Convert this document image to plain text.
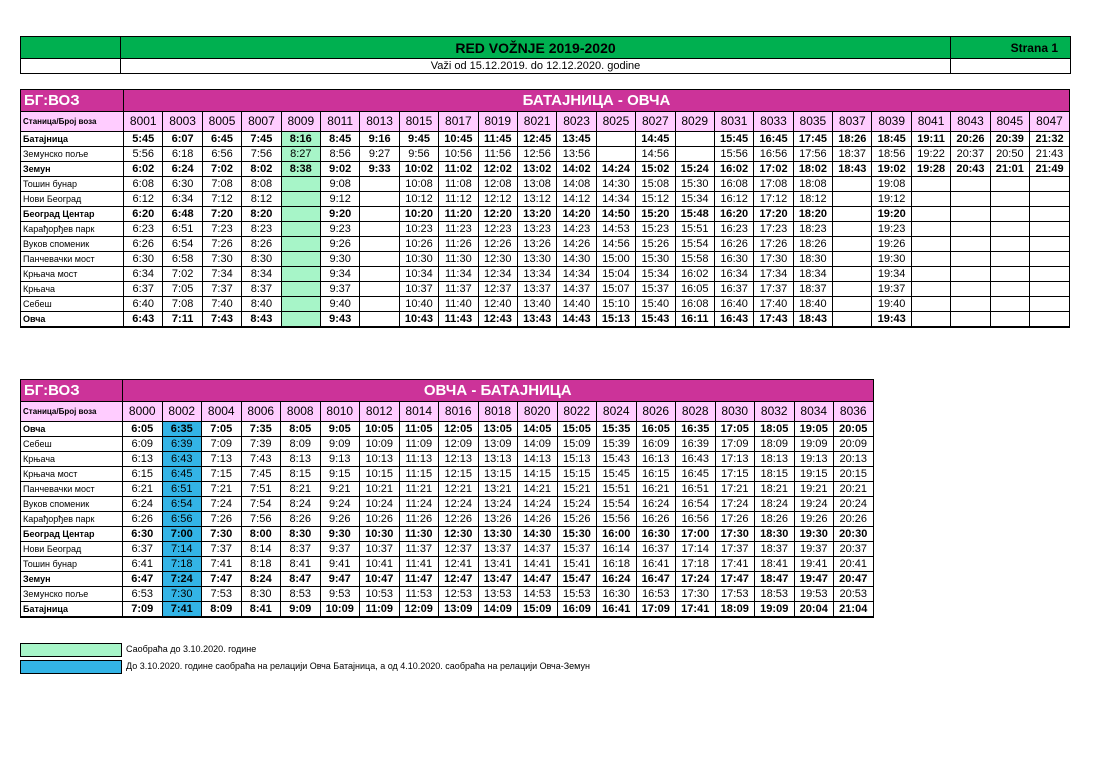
	RED VOŽNJE 2019-2020	Strana 1
	Važi od 15.12.2019. do 12.12.2020. godine	
БГ:ВОЗ	БАТАЈНИЦА - ОВЧА																							
Станица/Број воза	8001	8003	8005	8007	8009	8011	8013	8015	8017	8019	8021	8023	8025	8027	8029	8031	8033	8035	8037	8039	8041	8043	8045	8047
Батајница	5:45	6:07	6:45	7:45	8:16	8:45	9:16	9:45	10:45	11:45	12:45	13:45		14:45		15:45	16:45	17:45	18:26	18:45	19:11	20:26	20:39	21:32
Земунско поље	5:56	6:18	6:56	7:56	8:27	8:56	9:27	9:56	10:56	11:56	12:56	13:56		14:56		15:56	16:56	17:56	18:37	18:56	19:22	20:37	20:50	21:43
Земун	6:02	6:24	7:02	8:02	8:38	9:02	9:33	10:02	11:02	12:02	13:02	14:02	14:24	15:02	15:24	16:02	17:02	18:02	18:43	19:02	19:28	20:43	21:01	21:49
Тошин бунар	6:08	6:30	7:08	8:08		9:08		10:08	11:08	12:08	13:08	14:08	14:30	15:08	15:30	16:08	17:08	18:08		19:08				
Нови Београд	6:12	6:34	7:12	8:12		9:12		10:12	11:12	12:12	13:12	14:12	14:34	15:12	15:34	16:12	17:12	18:12		19:12				
Београд Центар	6:20	6:48	7:20	8:20		9:20		10:20	11:20	12:20	13:20	14:20	14:50	15:20	15:48	16:20	17:20	18:20		19:20				
Карађорђев парк	6:23	6:51	7:23	8:23		9:23		10:23	11:23	12:23	13:23	14:23	14:53	15:23	15:51	16:23	17:23	18:23		19:23				
Вуков споменик	6:26	6:54	7:26	8:26		9:26		10:26	11:26	12:26	13:26	14:26	14:56	15:26	15:54	16:26	17:26	18:26		19:26				
Панчевачки мост	6:30	6:58	7:30	8:30		9:30		10:30	11:30	12:30	13:30	14:30	15:00	15:30	15:58	16:30	17:30	18:30		19:30				
Крњача мост	6:34	7:02	7:34	8:34		9:34		10:34	11:34	12:34	13:34	14:34	15:04	15:34	16:02	16:34	17:34	18:34		19:34				
Крњача	6:37	7:05	7:37	8:37		9:37		10:37	11:37	12:37	13:37	14:37	15:07	15:37	16:05	16:37	17:37	18:37		19:37				
Себеш	6:40	7:08	7:40	8:40		9:40		10:40	11:40	12:40	13:40	14:40	15:10	15:40	16:08	16:40	17:40	18:40		19:40				
Овча	6:43	7:11	7:43	8:43		9:43		10:43	11:43	12:43	13:43	14:43	15:13	15:43	16:11	16:43	17:43	18:43		19:43				
БГ:ВОЗ	ОВЧА - БАТАЈНИЦА																		
Станица/Број воза	8000	8002	8004	8006	8008	8010	8012	8014	8016	8018	8020	8022	8024	8026	8028	8030	8032	8034	8036
Овча	6:05	6:35	7:05	7:35	8:05	9:05	10:05	11:05	12:05	13:05	14:05	15:05	15:35	16:05	16:35	17:05	18:05	19:05	20:05
Себеш	6:09	6:39	7:09	7:39	8:09	9:09	10:09	11:09	12:09	13:09	14:09	15:09	15:39	16:09	16:39	17:09	18:09	19:09	20:09
Крњача	6:13	6:43	7:13	7:43	8:13	9:13	10:13	11:13	12:13	13:13	14:13	15:13	15:43	16:13	16:43	17:13	18:13	19:13	20:13
Крњача мост	6:15	6:45	7:15	7:45	8:15	9:15	10:15	11:15	12:15	13:15	14:15	15:15	15:45	16:15	16:45	17:15	18:15	19:15	20:15
Панчевачки мост	6:21	6:51	7:21	7:51	8:21	9:21	10:21	11:21	12:21	13:21	14:21	15:21	15:51	16:21	16:51	17:21	18:21	19:21	20:21
Вуков споменик	6:24	6:54	7:24	7:54	8:24	9:24	10:24	11:24	12:24	13:24	14:24	15:24	15:54	16:24	16:54	17:24	18:24	19:24	20:24
Карађорђев парк	6:26	6:56	7:26	7:56	8:26	9:26	10:26	11:26	12:26	13:26	14:26	15:26	15:56	16:26	16:56	17:26	18:26	19:26	20:26
Београд Центар	6:30	7:00	7:30	8:00	8:30	9:30	10:30	11:30	12:30	13:30	14:30	15:30	16:00	16:30	17:00	17:30	18:30	19:30	20:30
Нови Београд	6:37	7:14	7:37	8:14	8:37	9:37	10:37	11:37	12:37	13:37	14:37	15:37	16:14	16:37	17:14	17:37	18:37	19:37	20:37
Тошин бунар	6:41	7:18	7:41	8:18	8:41	9:41	10:41	11:41	12:41	13:41	14:41	15:41	16:18	16:41	17:18	17:41	18:41	19:41	20:41
Земун	6:47	7:24	7:47	8:24	8:47	9:47	10:47	11:47	12:47	13:47	14:47	15:47	16:24	16:47	17:24	17:47	18:47	19:47	20:47
Земунско поље	6:53	7:30	7:53	8:30	8:53	9:53	10:53	11:53	12:53	13:53	14:53	15:53	16:30	16:53	17:30	17:53	18:53	19:53	20:53
Батајница	7:09	7:41	8:09	8:41	9:09	10:09	11:09	12:09	13:09	14:09	15:09	16:09	16:41	17:09	17:41	18:09	19:09	20:04	21:04
Саобраћа до 3.10.2020. године
До 3.10.2020. године саобраћа на релацији Овча Батајница, а од 4.10.2020. саобраћа на релацији Овча-Земун
